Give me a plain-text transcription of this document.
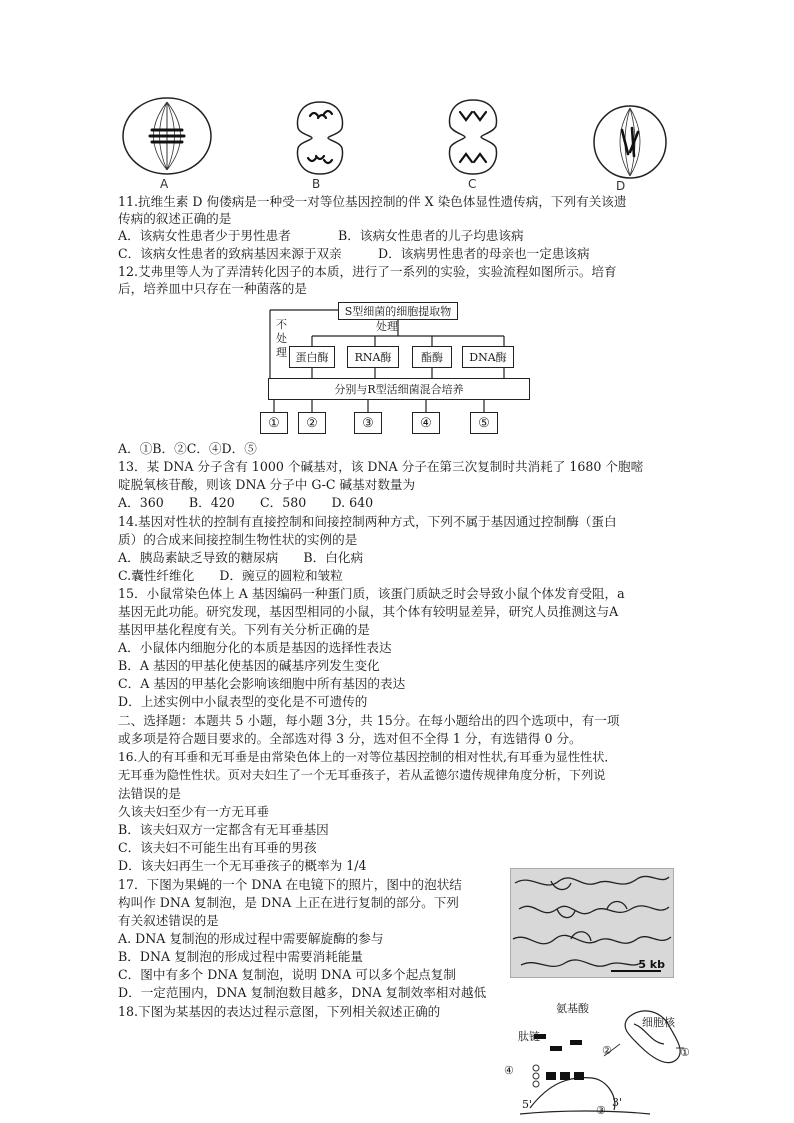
A	B	C	D
11.抗维生素 D 佝偻病是一种受一对等位基因控制的伴 X 染色体显性遗传病，下列有关该遗
传病的叙述正确的是
A．该病女性患者少于男性患者	B．该病女性患者的儿子均患该病
C．该病女性患者的致病基因来源于双亲	D．该病男性患者的母亲也一定患该病
12.艾弗里等人为了弄清转化因子的本质，进行了一系列的实验，实验流程如图所示。培育
后，培养皿中只存在一种菌落的是
S型细菌的细胞提取物
不
处
理
处理
蛋白酶	RNA酶	酯酶	DNA酶
分别与R型活细菌混合培养
①	②	③	④	⑤
A．①B．②C．④D．⑤
13．某 DNA 分子含有 1000 个碱基对，该 DNA 分子在第三次复制时共消耗了 1680 个胞嘧
啶脱氧核苷酸，则该 DNA 分子中 G-C 碱基对数量为
A．360　　B．420　　C．580　　D. 640
14.基因对性状的控制有直接控制和间接控制两种方式，下列不属于基因通过控制酶（蛋白
质）的合成来间接控制生物性状的实例的是
A．胰岛素缺乏导致的糖尿病　　B．白化病
C.囊性纤维化　　D．豌豆的圆粒和皱粒
15．小鼠常染色体上 A 基因编码一种蛋门质，该蛋门质缺乏时会导致小鼠个体发育受阻，a
基因无此功能。研究发现，基因型相同的小鼠，其个体有较明显差异，研究人员推测这与A
基因甲基化程度有关。下列有关分析正确的是
A．小鼠体内细胞分化的本质是基因的选择性表达
B．A 基因的甲基化使基因的碱基序列发生变化
C．A 基因的甲基化会影响该细胞中所有基因的表达
D．上述实例中小鼠表型的变化是不可遗传的
二、选择题：本题共 5 小题，每小题 3分，共 15分。在每小题给出的四个选项中，有一项
或多项是符合题目要求的。全部选对得 3 分，选对但不全得 1 分，有选错得 0 分。
16.人的有耳垂和无耳垂是由常染色体上的一对等位基因控制的相对性状,有耳垂为显性性状．
无耳垂为隐性性状。页对夫妇生了一个无耳垂孩子，若从孟德尔遗传规律角度分析，下列说
法错误的是
久该夫妇至少有一方无耳垂
B．该夫妇双方一定都含有无耳垂基因
C．该夫妇不可能生出有耳垂的男孩
D．该夫妇再生一个无耳垂孩子的概率为 1/4
17．下图为果蝇的一个 DNA 在电镜下的照片，图中的泡状结
构叫作 DNA 复制泡，是 DNA 上正在进行复制的部分。下列
有关叙述错误的是
A. DNA 复制泡的形成过程中需要解旋酶的参与
B．DNA 复制泡的形成过程中需要消耗能量
C．图中有多个 DNA 复制泡，说明 DNA 可以多个起点复制
D．一定范围内，DNA 复制泡数目越多，DNA 复制效率相对越低
5 kb
18.下图为某基因的表达过程示意图，下列相关叙述正确的	氨基酸
细胞核
肽链
①
②
④
5'	③
3'
